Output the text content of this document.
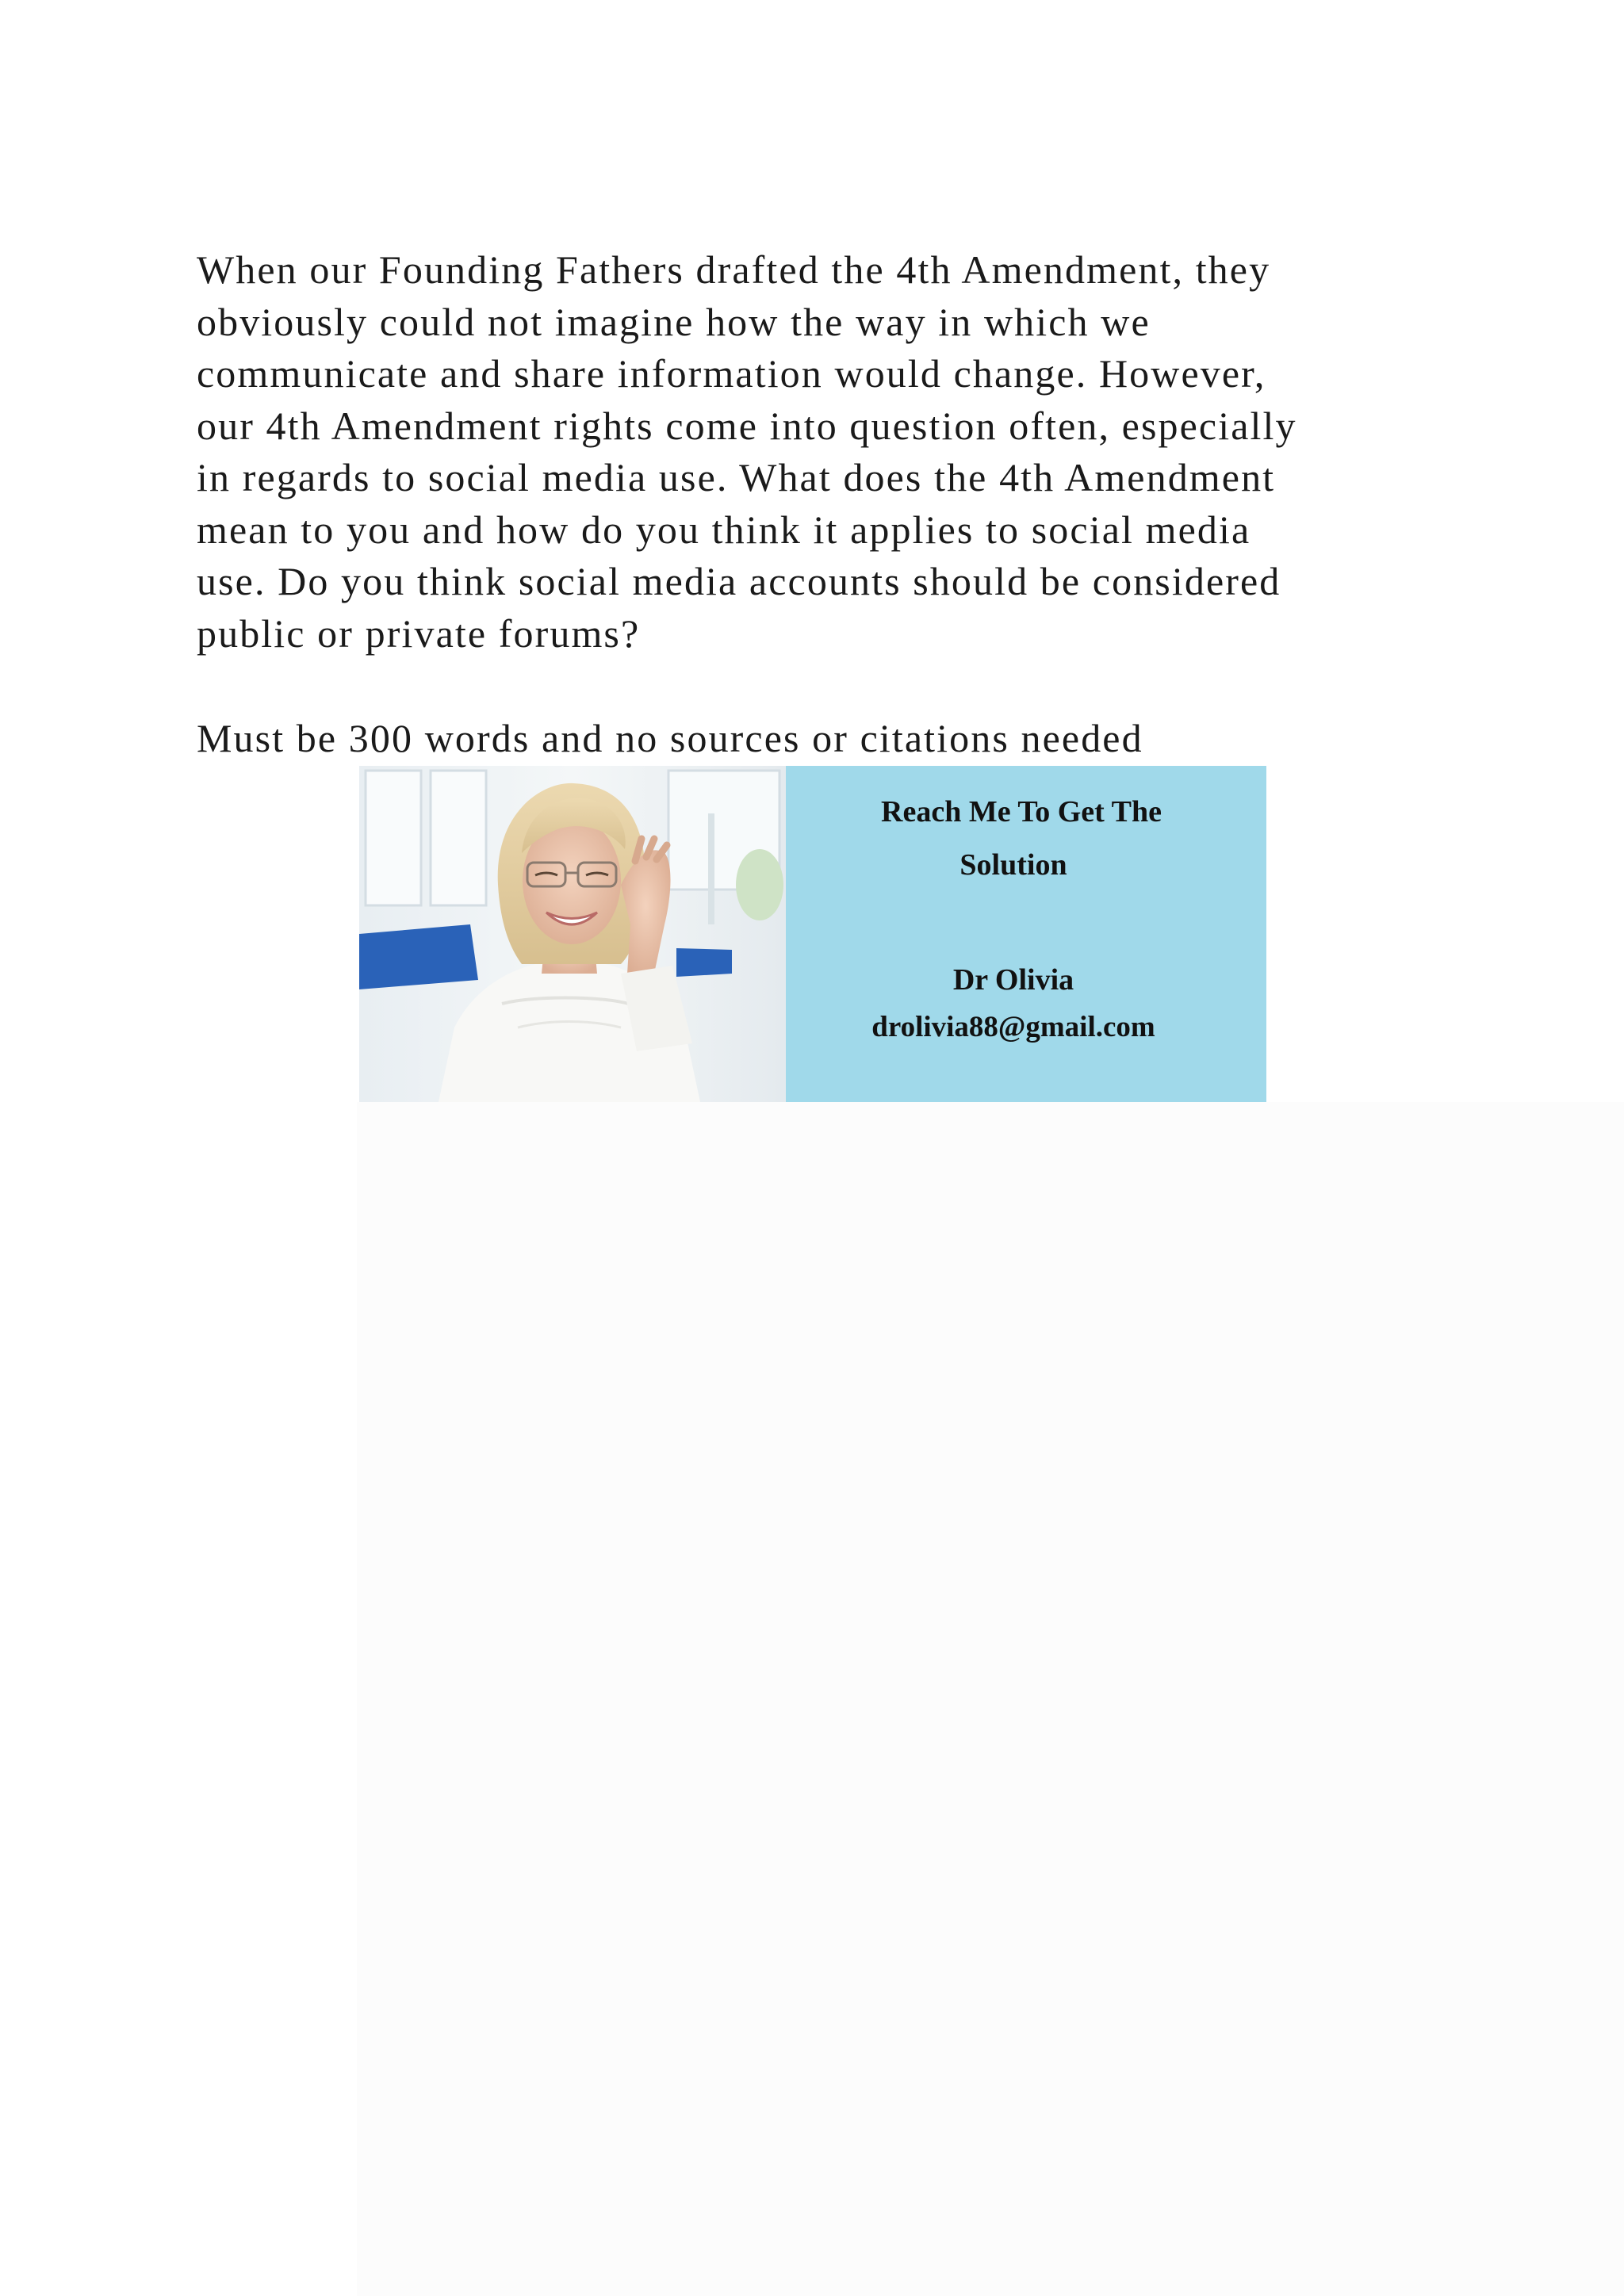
When our Founding Fathers drafted the 4th Amendment, they
obviously could not imagine how the way in which we
communicate and share information would change. However,
our 4th Amendment rights come into question often, especially
in regards to social media use. What does the 4th Amendment
mean to you and how do you think it applies to social media
use. Do you think social media accounts should be considered
public or private forums?

Must be 300 words and no sources or citations needed

Reach Me To Get The
Solution
Dr Olivia
drolivia88@gmail.com
